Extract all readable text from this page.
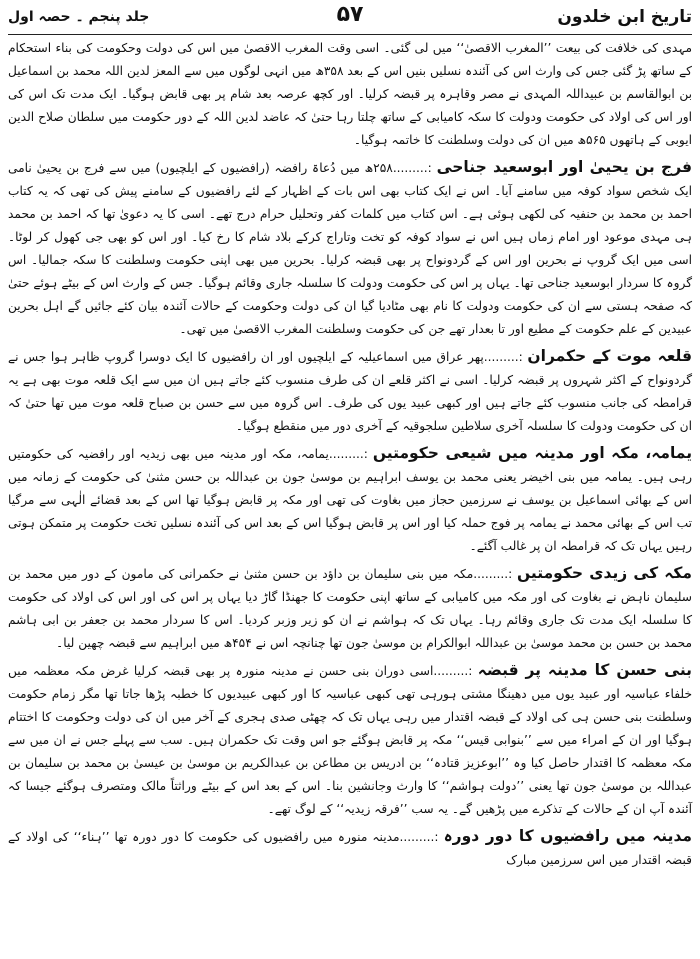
تاریخ ابن خلدون
۵۷
جلد پنجم ۔ حصہ اول

مہدی کی خلافت کی بیعت ’’المغرب الاقصیٰ‘‘ میں لی گئی۔ اسی وقت المغرب الاقصیٰ میں اس کی دولت وحکومت کی بناء استحکام کے ساتھ پڑ گئی جس کی وارث اس کی آئندہ نسلیں بنیں اس کے بعد ۳۵۸ھ میں انہی لوگوں میں سے المعز لدین اللہ محمد بن اسماعیل بن ابوالقاسم بن عبیداللہ المہدی نے مصر وقاہرہ پر قبضہ کرلیا۔ اور کچھ عرصہ بعد شام پر بھی قابض ہوگیا۔ ایک مدت تک اس کی اور اس کی اولاد کی حکومت ودولت کا سکہ کامیابی کے ساتھ چلتا رہا حتیٰ کہ عاضد لدین اللہ کے دور حکومت میں سلطان صلاح الدین ایوبی کے ہاتھوں ۵۶۵ھ میں ان کی دولت وسلطنت کا خاتمہ ہوگیا۔

فرج بن یحییٰ اور ابوسعید جناحی :.........۲۵۸ھ میں دُعاۃ رافضہ (رافضیوں کے ایلچیوں) میں سے فرج بن یحییٰ نامی ایک شخص سواد کوفہ میں سامنے آیا۔ اس نے ایک کتاب بھی اس بات کے اظہار کے لئے رافضیوں کے سامنے پیش کی تھی کہ یہ کتاب احمد بن محمد بن حنفیہ کی لکھی ہوئی ہے۔ اس کتاب میں کلمات کفر وتحلیل حرام درج تھے۔ اسی کا یہ دعویٰ تھا کہ احمد بن محمد ہی مہدی موعود اور امام زماں ہیں اس نے سواد کوفہ کو تخت وتاراج کرکے بلاد شام کا رخ کیا۔ اور اس کو بھی جی کھول کر لوٹا۔ اسی میں ایک گروپ نے بحرین اور اس کے گردونواح پر بھی قبضہ کرلیا۔ بحرین میں بھی اپنی حکومت وسلطنت کا سکہ جمالیا۔ اس گروہ کا سردار ابوسعید جناحی تھا۔ یہاں پر اس کی حکومت ودولت کا سلسلہ جاری وقائم ہوگیا۔ جس کے وارث اس کے بیٹے ہوئے حتیٰ کہ صفحہ ہستی سے ان کی حکومت ودولت کا نام بھی مٹادیا گیا ان کی دولت وحکومت کے حالات آئندہ بیان کئے جائیں گے اہل بحرین عبیدین کے علم حکومت کے مطیع اور تا بعدار تھے جن کی حکومت وسلطنت المغرب الاقصیٰ میں تھی۔

قلعہ موت کے حکمران :.........پھر عراق میں اسماعیلیہ کے ایلچیوں اور ان رافضیوں کا ایک دوسرا گروپ ظاہر ہوا جس نے گردونواح کے اکثر شہروں پر قبضہ کرلیا۔ اسی نے اکثر قلعے ان کی طرف منسوب کئے جاتے ہیں ان میں سے ایک قلعہ موت بھی ہے یہ قرامطہ کی جانب منسوب کئے جاتے ہیں اور کبھی عبید یوں کی طرف۔ اس گروہ میں سے حسن بن صباح قلعہ موت میں تھا حتیٰ کہ ان کی حکومت ودولت کا سلسلہ آخری سلاطین سلجوقیہ کے آخری دور میں منقطع ہوگیا۔

یمامہ، مکہ اور مدینہ میں شیعی حکومتیں :.........یمامہ، مکہ اور مدینہ میں بھی زیدیہ اور رافضیہ کی حکومتیں رہی ہیں۔ یمامہ میں بنی اخیضر یعنی محمد بن یوسف ابراہیم بن موسیٰ جون بن عبداللہ بن حسن مثنیٰ کی حکومت کے زمانہ میں اس کے بھائی اسماعیل بن یوسف نے سرزمین حجاز میں بغاوت کی تھی اور مکہ پر قابض ہوگیا تھا اس کے بعد قضائے الٰہی سے مرگیا تب اس کے بھائی محمد نے یمامہ پر فوج حملہ کیا اور اس پر قابض ہوگیا اس کے بعد اس کی آئندہ نسلیں تخت حکومت پر متمکن ہوتی رہیں یہاں تک کہ قرامطہ ان پر غالب آگئے۔

مکہ کی زیدی حکومتیں :.........مکہ میں بنی سلیمان بن داؤد بن حسن مثنیٰ نے حکمرانی کی مامون کے دور میں محمد بن سلیمان ناہض نے بغاوت کی اور مکہ میں کامیابی کے ساتھ اپنی حکومت کا جھنڈا گاڑ دیا یہاں پر اس کی اور اس کی اولاد کی حکومت کا سلسلہ ایک مدت تک جاری وقائم رہا۔ یہاں تک کہ ہواشم نے ان کو زیر وزبر کردیا۔ اس کا سردار محمد بن جعفر بن ابی ہاشم محمد بن حسن بن محمد موسیٰ بن عبداللہ ابوالکرام بن موسیٰ جون تھا چنانچہ اس نے ۴۵۴ھ میں ابراہیم سے قبضہ چھین لیا۔

بنی حسن کا مدینہ پر قبضہ :.........اسی دوران بنی حسن نے مدینہ منورہ پر بھی قبضہ کرلیا غرض مکہ معظمہ میں خلفاء عباسیہ اور عبید یوں میں دھینگا مشتی ہورہی تھی کبھی عباسیہ کا اور کبھی عبیدیوں کا خطبہ پڑھا جاتا تھا مگر زمام حکومت وسلطنت بنی حسن ہی کی اولاد کے قبضہ اقتدار میں رہی یہاں تک کہ چھٹی صدی ہجری کے آخر میں ان کی دولت وحکومت کا اختتام ہوگیا اور ان کے امراء میں سے ’’بنوابی قیس‘‘ مکہ پر قابض ہوگئے جو اس وقت تک حکمران ہیں۔ سب سے پہلے جس نے ان میں سے مکہ معظمہ کا اقتدار حاصل کیا وہ ’’ابوعزیز قتادہ‘‘ بن ادریس بن مطاعن بن عبدالکریم بن موسیٰ بن عیسیٰ بن محمد بن سلیمان بن عبداللہ بن موسیٰ جون تھا یعنی ’’دولت ہواشم‘‘ کا وارث وجانشین بنا۔ اس کے بعد اس کے بیٹے وراثتاً مالک ومتصرف ہوگئے جیسا کہ آئندہ آپ ان کے حالات کے تذکرے میں پڑھیں گے۔ یہ سب ’’فرقہ زیدیہ‘‘ کے لوگ تھے۔

مدینہ میں رافضیوں کا دور دورہ :.........مدینہ منورہ میں رافضیوں کی حکومت کا دور دورہ تھا ’’ہناء‘‘ کی اولاد کے قبضہ اقتدار میں اس سرزمین مبارک
